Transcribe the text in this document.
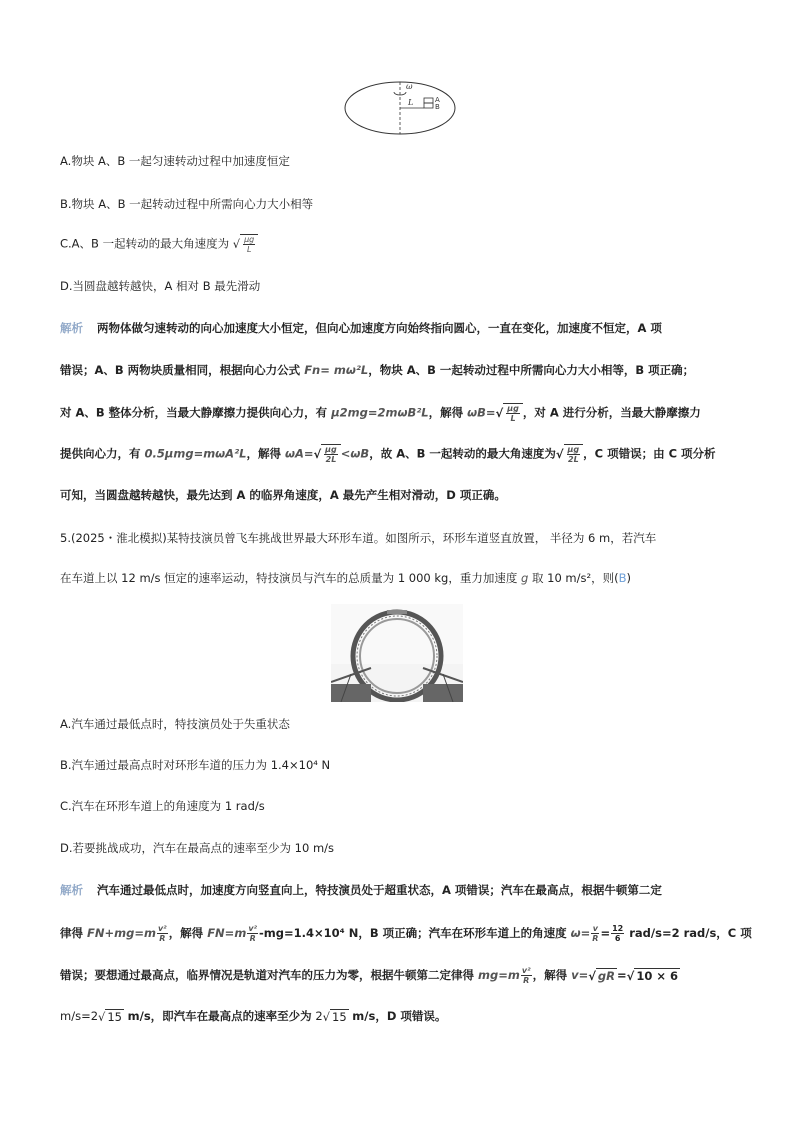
ω
L	A
B
A.物块 A、B 一起匀速转动过程中加速度恒定
B.物块 A、B 一起转动过程中所需向心力大小相等
C.A、B 一起转动的最大角速度为 √ $\frac{\mu g}{L}$
D.当圆盘越转越快，A 相对 B 最先滑动
解析 两物体做匀速转动的向心加速度大小恒定，但向心加速度方向始终指向圆心，一直在变化，加速度不恒定，A 项
错误；A、B 两物块质量相同，根据向心力公式 Fn= mω²L，物块 A、B 一起转动过程中所需向心力大小相等，B 项正确；
对 A、B 整体分析，当最大静摩擦力提供向心力，有 μ2mg=2mωB²L，解得 $\omega B=√ \frac{\mu g}{L}$ ，对 A 进行分析，当最大静摩擦力
提供向心力，有 0.5μmg=mωA²L，解得 $\omega A=√ \frac{\mu g}{2L} <\omega B$，故 A、B 一起转动的最大角速度为√ $\frac{\mu g}{2L}$ ，C 项错误；由 C 项分析
可知，当圆盘越转越快，最先达到 A 的临界角速度，A 最先产生相对滑动，D 项正确。
5.(2025・淮北模拟)某特技演员曾飞车挑战世界最大环形车道。如图所示，环形车道竖直放置， 半径为 6 m，若汽车
在车道上以 12 m/s 恒定的速率运动，特技演员与汽车的总质量为 1 000 kg，重力加速度 g 取 10 m/s²，则(B)
A.汽车通过最低点时，特技演员处于失重状态
B.汽车通过最高点时对环形车道的压力为 1.4×10⁴ N
C.汽车在环形车道上的角速度为 1 rad/s
D.若要挑战成功，汽车在最高点的速率至少为 10 m/s
解析 汽车通过最低点时，加速度方向竖直向上，特技演员处于超重状态，A 项错误；汽车在最高点，根据牛顿第二定
律得 $FN+mg=m \frac{\text{v²}}{R}$ ，解得 $FN=m \frac{\text{v²}}{R} -mg=1.4\times 10^4$ N，B 项正确；汽车在环形车道上的角速度 $\omega= \frac{v}{R} = \frac{12}{6} rad/s=2$ rad/s，C 项
错误；要想通过最高点，临界情况是轨道对汽车的压力为零，根据牛顿第二定律得 $mg=m \frac{\text{v²}}{R}$ ，解得 v=√ gR =√ 10 × 6
m/s=2√ 15 m/s，即汽车在最高点的速率至少为 2√ 15 m/s，D 项错误。
